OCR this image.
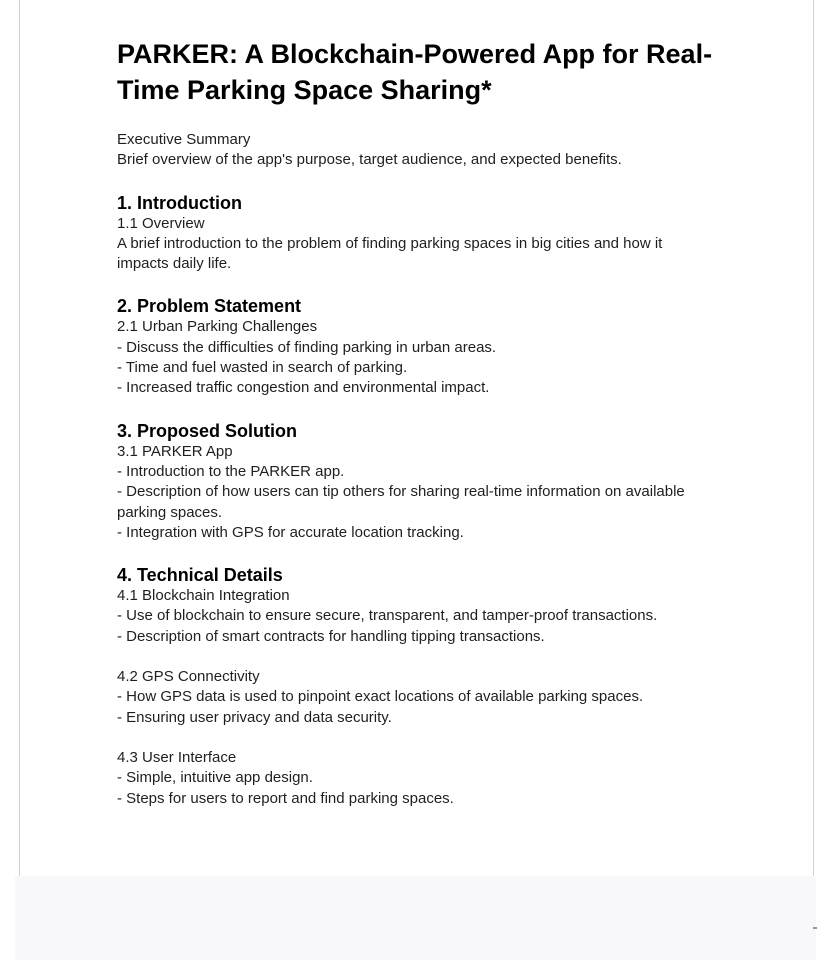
PARKER: A Blockchain-Powered App for Real-Time Parking Space Sharing*
Executive Summary
Brief overview of the app's purpose, target audience, and expected benefits.
1. Introduction
1.1 Overview
A brief introduction to the problem of finding parking spaces in big cities and how it impacts daily life.
2. Problem Statement
2.1 Urban Parking Challenges
- Discuss the difficulties of finding parking in urban areas.
- Time and fuel wasted in search of parking.
- Increased traffic congestion and environmental impact.
3. Proposed Solution
3.1 PARKER App
- Introduction to the PARKER app.
- Description of how users can tip others for sharing real-time information on available parking spaces.
- Integration with GPS for accurate location tracking.
4. Technical Details
4.1 Blockchain Integration
- Use of blockchain to ensure secure, transparent, and tamper-proof transactions.
- Description of smart contracts for handling tipping transactions.
4.2 GPS Connectivity
- How GPS data is used to pinpoint exact locations of available parking spaces.
- Ensuring user privacy and data security.
4.3 User Interface
- Simple, intuitive app design.
- Steps for users to report and find parking spaces.
